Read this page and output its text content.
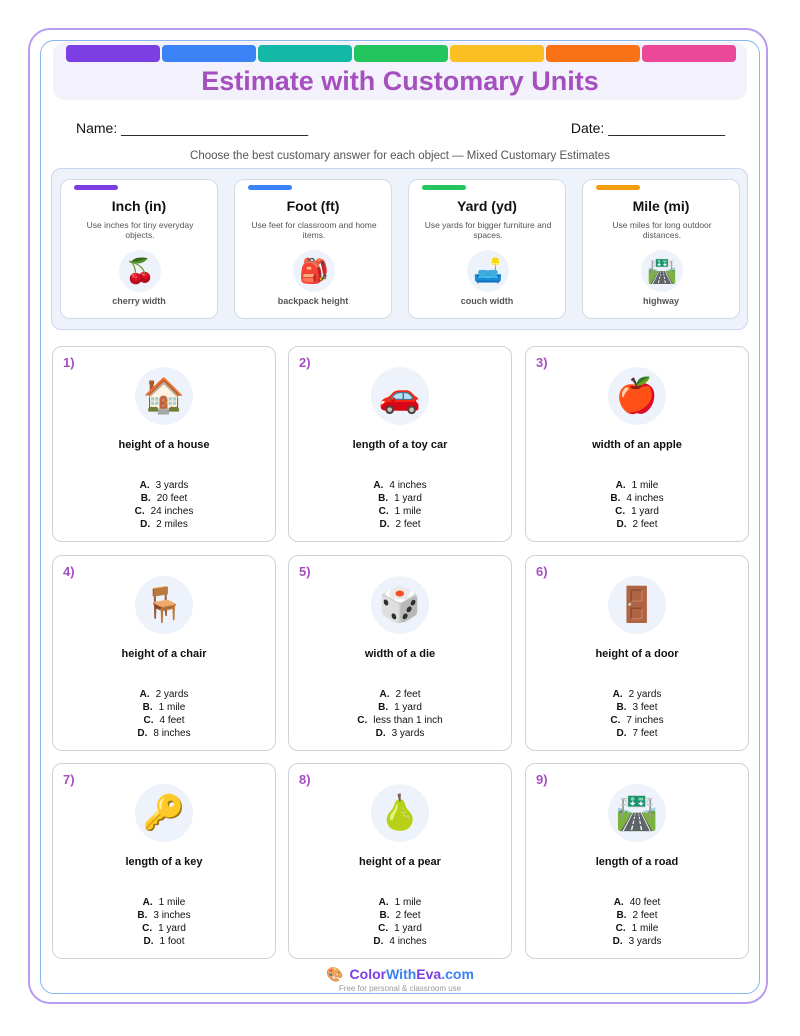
Estimate with Customary Units
Name: ________________________	Date: _______________
Choose the best customary answer for each object — Mixed Customary Estimates
Inch (in)
Use inches for tiny everyday objects.
🍒
cherry width
Foot (ft)
Use feet for classroom and home items.
🎒
backpack height
Yard (yd)
Use yards for bigger furniture and spaces.
🛋️
couch width
Mile (mi)
Use miles for long outdoor distances.
🛣️
highway
1)
🏠
height of a house
A. 3 yards
B. 20 feet
C. 24 inches
D. 2 miles
2)
🚗
length of a toy car
A. 4 inches
B. 1 yard
C. 1 mile
D. 2 feet
3)
🍎
width of an apple
A. 1 mile
B. 4 inches
C. 1 yard
D. 2 feet
4)
🪑
height of a chair
A. 2 yards
B. 1 mile
C. 4 feet
D. 8 inches
5)
🎲
width of a die
A. 2 feet
B. 1 yard
C. less than 1 inch
D. 3 yards
6)
🚪
height of a door
A. 2 yards
B. 3 feet
C. 7 inches
D. 7 feet
7)
🔑
length of a key
A. 1 mile
B. 3 inches
C. 1 yard
D. 1 foot
8)
🍐
height of a pear
A. 1 mile
B. 2 feet
C. 1 yard
D. 4 inches
9)
🛣️
length of a road
A. 40 feet
B. 2 feet
C. 1 mile
D. 3 yards
🎨 ColorWithEva.com
Free for personal & classroom use
